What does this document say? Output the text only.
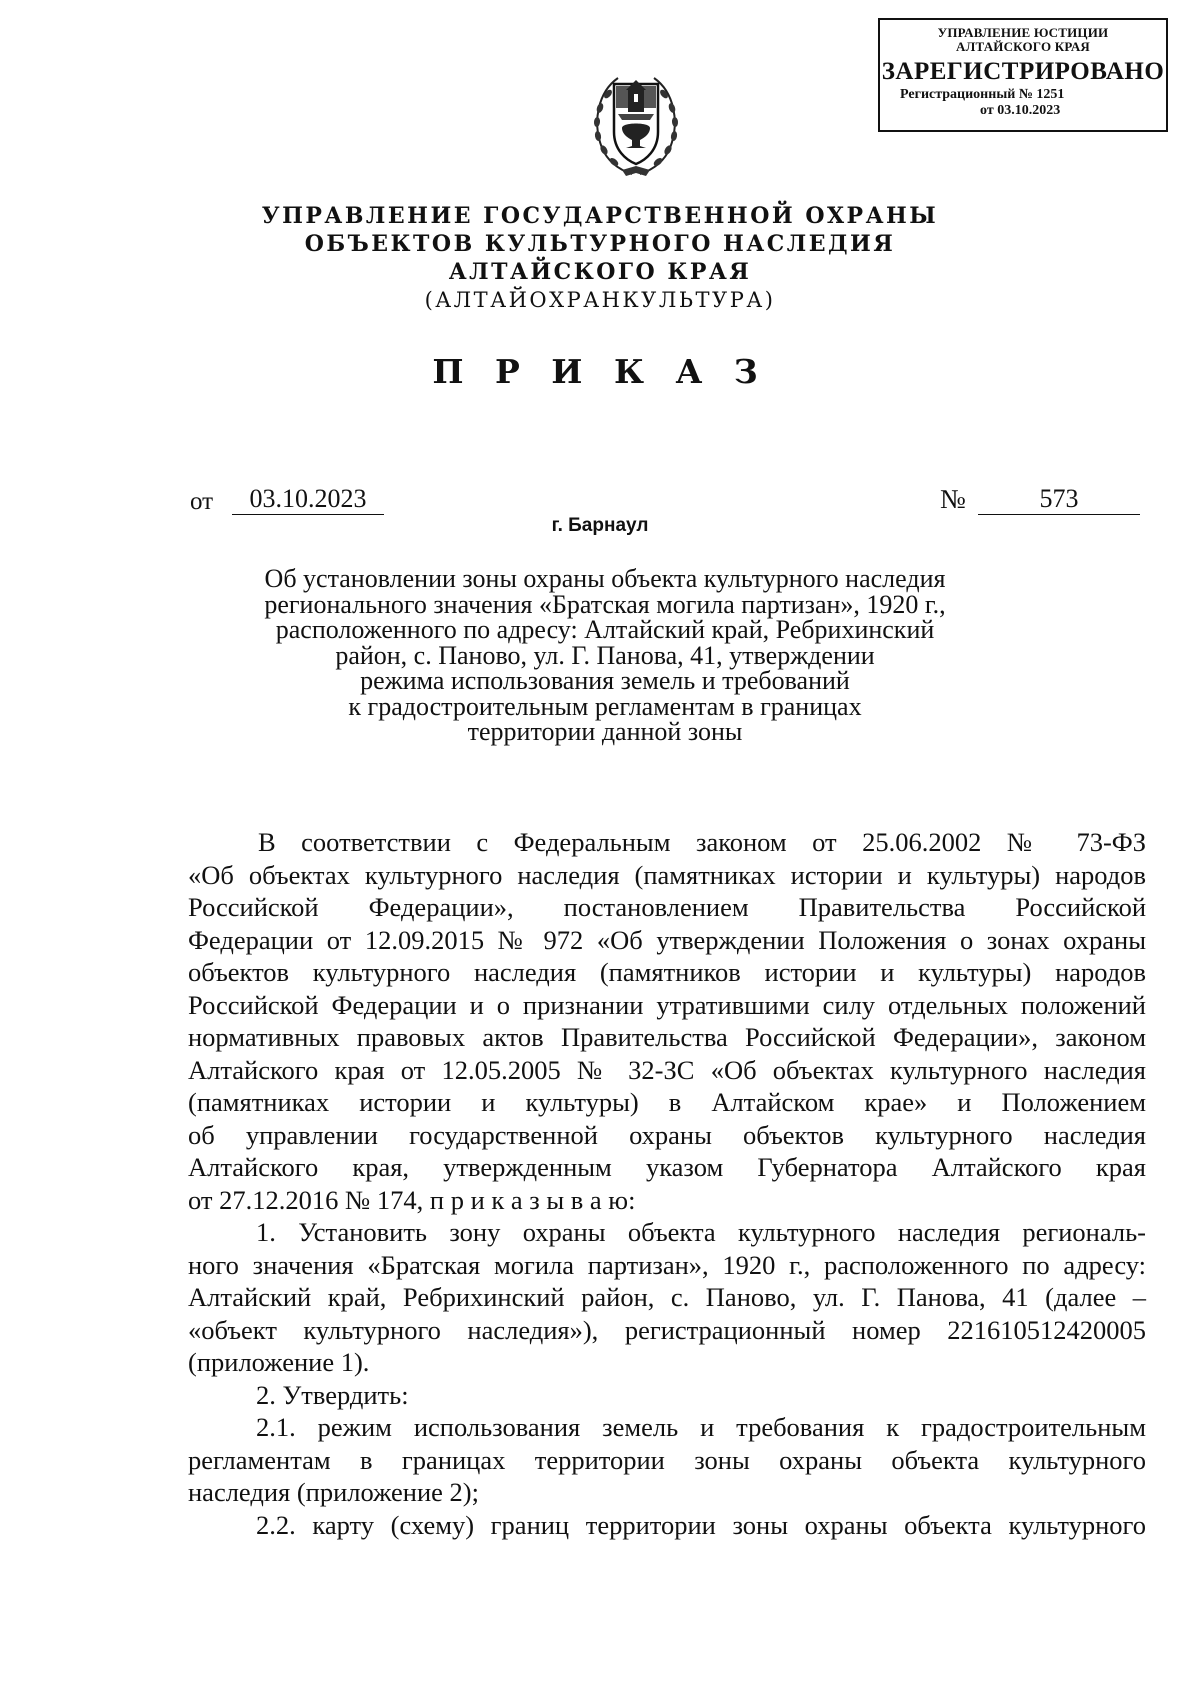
УПРАВЛЕНИЕ ЮСТИЦИИ
АЛТАЙСКОГО КРАЯ
ЗАРЕГИСТРИРОВАНО
Регистрационный № 1251
от 03.10.2023
УПРАВЛЕНИЕ ГОСУДАРСТВЕННОЙ ОХРАНЫ
ОБЪЕКТОВ КУЛЬТУРНОГО НАСЛЕДИЯ
АЛТАЙСКОГО КРАЯ
(АЛТАЙОХРАНКУЛЬТУРА)
П Р И К А З
от	03.10.2023	№	573
г. Барнаул
Об установлении зоны охраны объекта культурного наследия
регионального значения «Братская могила партизан», 1920 г.,
расположенного по адресу: Алтайский край, Ребрихинский
район, с. Паново, ул. Г. Панова, 41, утверждении
режима использования земель и требований
к градостроительным регламентам в границах
территории данной зоны
В соответствии с Федеральным законом от 25.06.2002 № 73-ФЗ
«Об объектах культурного наследия (памятниках истории и культуры) народов
Российской Федерации», постановлением Правительства Российской
Федерации от 12.09.2015 № 972 «Об утверждении Положения о зонах охраны
объектов культурного наследия (памятников истории и культуры) народов
Российской Федерации и о признании утратившими силу отдельных положений
нормативных правовых актов Правительства Российской Федерации», законом
Алтайского края от 12.05.2005 № 32-ЗС «Об объектах культурного наследия
(памятниках истории и культуры) в Алтайском крае» и Положением
об управлении государственной охраны объектов культурного наследия
Алтайского края, утвержденным указом Губернатора Алтайского края
от 27.12.2016 № 174, п р и к а з ы в а ю:
1. Установить зону охраны объекта культурного наследия региональ-
ного значения «Братская могила партизан», 1920 г., расположенного по адресу:
Алтайский край, Ребрихинский район, с. Паново, ул. Г. Панова, 41 (далее –
«объект культурного наследия»), регистрационный номер 221610512420005
(приложение 1).
2. Утвердить:
2.1. режим использования земель и требования к градостроительным
регламентам в границах территории зоны охраны объекта культурного
наследия (приложение 2);
2.2. карту (схему) границ территории зоны охраны объекта культурного
